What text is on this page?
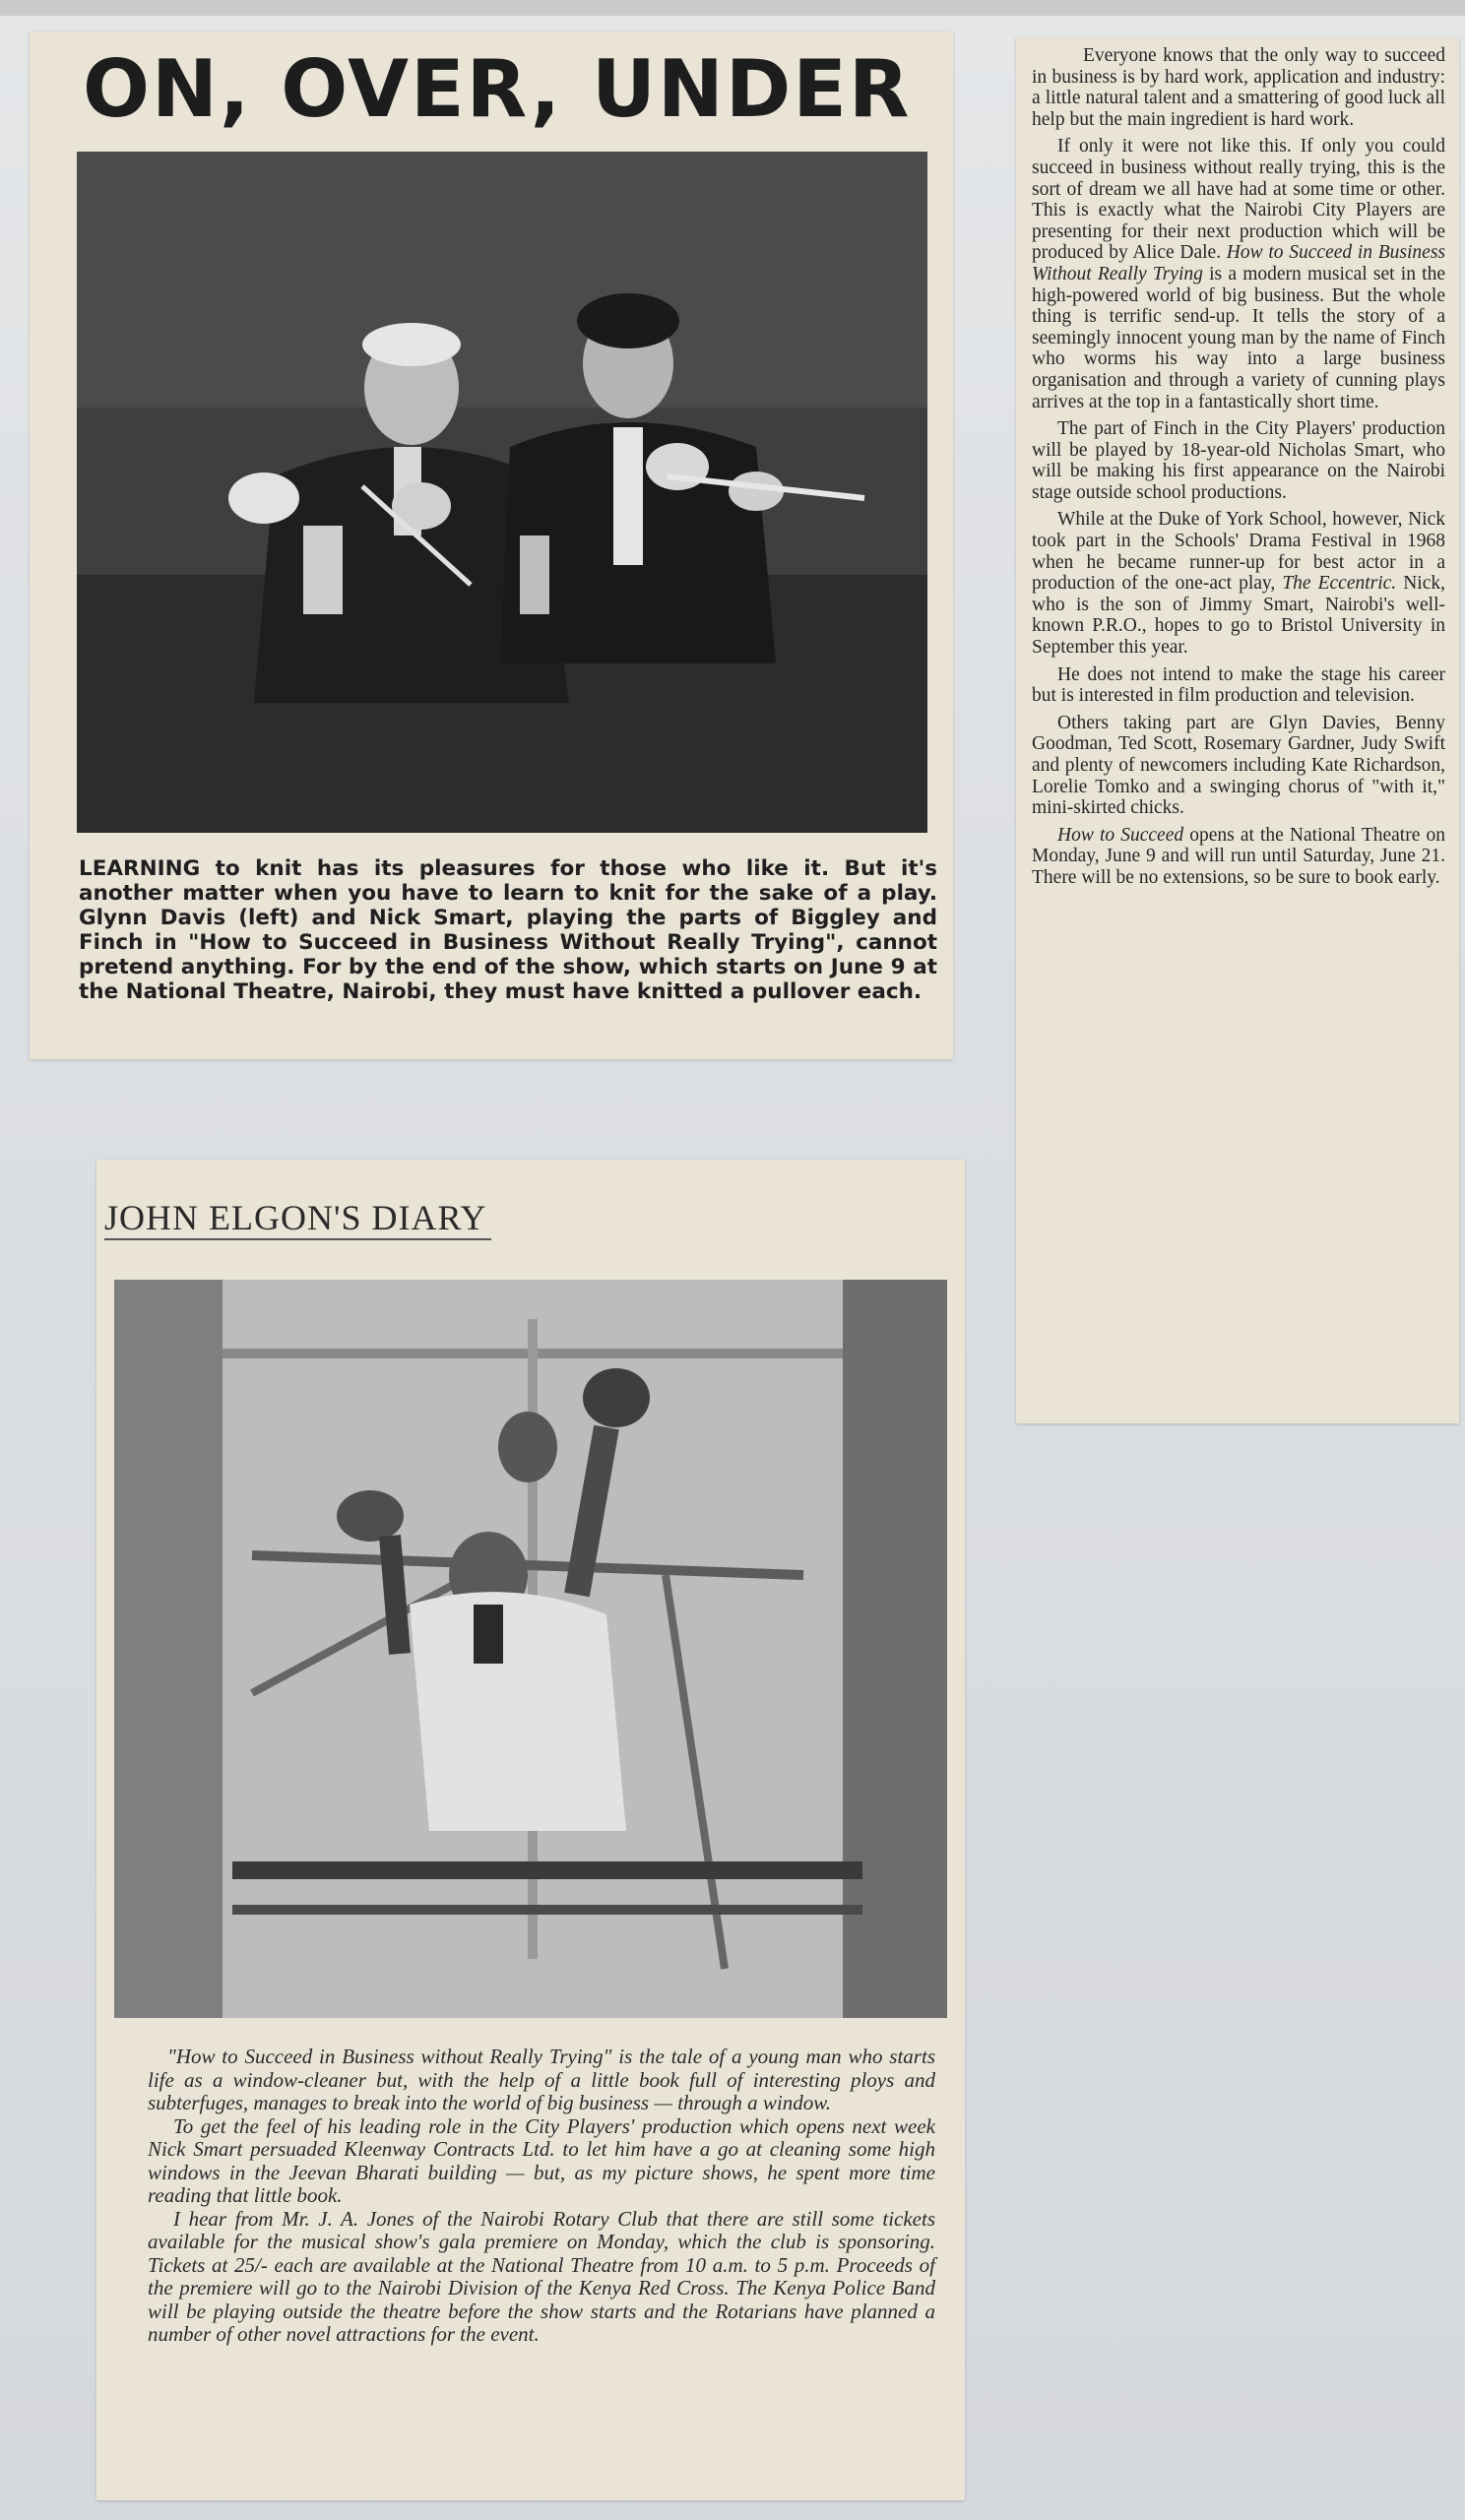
ON, OVER, UNDER
LEARNING to knit has its pleasures for those who like it. But it's another matter when you have to learn to knit for the sake of a play. Glynn Davis (left) and Nick Smart, playing the parts of Biggley and Finch in "How to Succeed in Business Without Really Trying", cannot pretend anything. For by the end of the show, which starts on June 9 at the National Theatre, Nairobi, they must have knitted a pullover each.

Everyone knows that the only way to succeed in business is by hard work, application and industry: a little natural talent and a smattering of good luck all help but the main ingredient is hard work.

If only it were not like this. If only you could succeed in business without really trying, this is the sort of dream we all have had at some time or other. This is exactly what the Nairobi City Players are presenting for their next production which will be produced by Alice Dale. How to Succeed in Business Without Really Trying is a modern musical set in the high-powered world of big business. But the whole thing is terrific send-up. It tells the story of a seemingly innocent young man by the name of Finch who worms his way into a large business organisation and through a variety of cunning plays arrives at the top in a fantastically short time.

The part of Finch in the City Players' production will be played by 18-year-old Nicholas Smart, who will be making his first appearance on the Nairobi stage outside school productions.

While at the Duke of York School, however, Nick took part in the Schools' Drama Festival in 1968 when he became runner-up for best actor in a production of the one-act play, The Eccentric. Nick, who is the son of Jimmy Smart, Nairobi's well-known P.R.O., hopes to go to Bristol University in September this year.

He does not intend to make the stage his career but is interested in film production and television.

Others taking part are Glyn Davies, Benny Goodman, Ted Scott, Rosemary Gardner, Judy Swift and plenty of newcomers including Kate Richardson, Lorelie Tomko and a swinging chorus of "with it," mini-skirted chicks.

How to Succeed opens at the National Theatre on Monday, June 9 and will run until Saturday, June 21. There will be no extensions, so be sure to book early.

JOHN ELGON'S DIARY

"How to Succeed in Business without Really Trying" is the tale of a young man who starts life as a window-cleaner but, with the help of a little book full of interesting ploys and subterfuges, manages to break into the world of big business — through a window.

To get the feel of his leading role in the City Players' production which opens next week Nick Smart persuaded Kleenway Contracts Ltd. to let him have a go at cleaning some high windows in the Jeevan Bharati building — but, as my picture shows, he spent more time reading that little book.

I hear from Mr. J. A. Jones of the Nairobi Rotary Club that there are still some tickets available for the musical show's gala premiere on Monday, which the club is sponsoring. Tickets at 25/- each are available at the National Theatre from 10 a.m. to 5 p.m. Proceeds of the premiere will go to the Nairobi Division of the Kenya Red Cross. The Kenya Police Band will be playing outside the theatre before the show starts and the Rotarians have planned a number of other novel attractions for the event.
